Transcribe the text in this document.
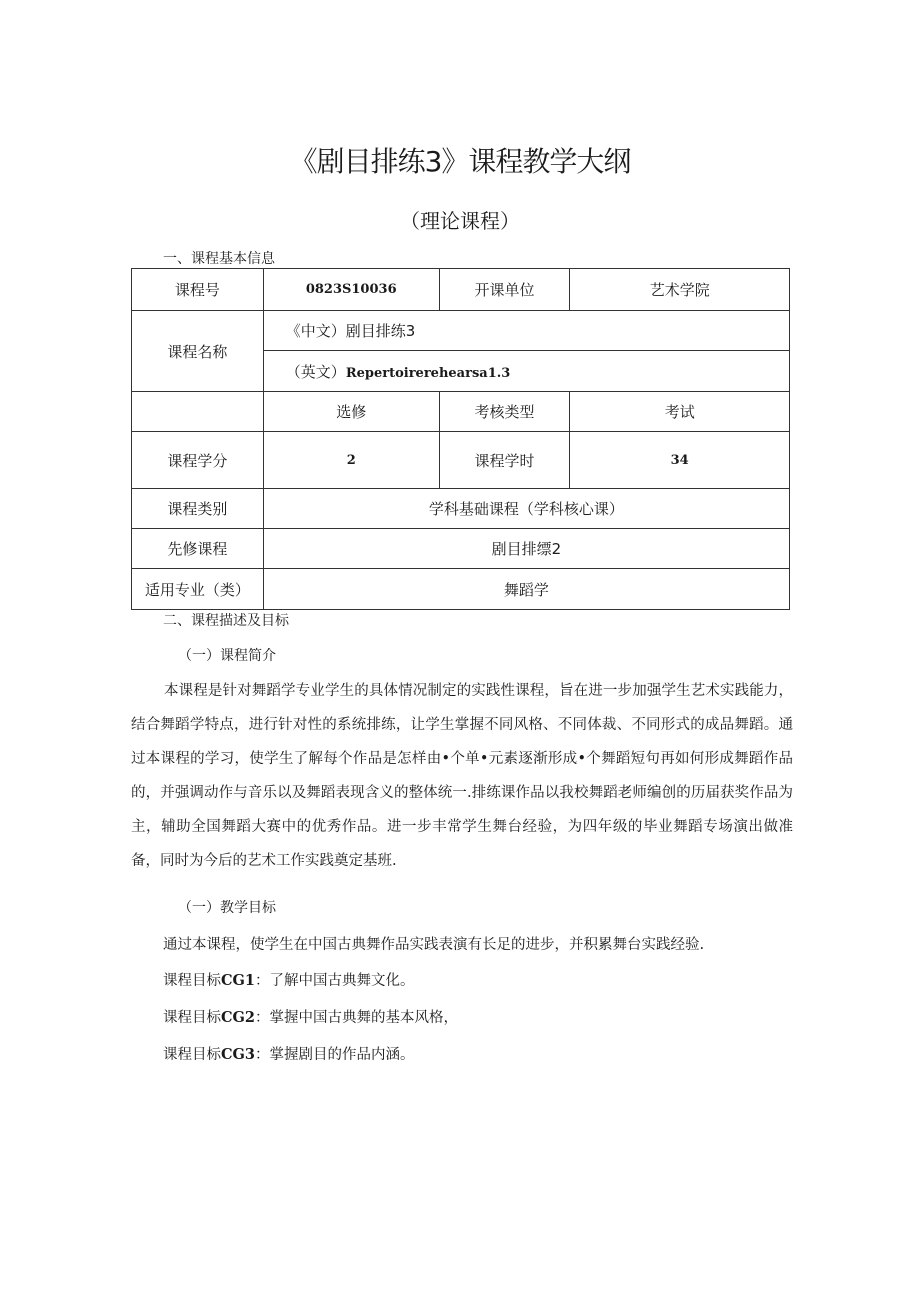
《剧目排练3》课程教学大纲
（理论课程）

一、课程基本信息

课程号	0823S10036	开课单位	艺术学院
课程名称	《中文）剧目排练3		
	（英文）Repertoirerehearsa1.3		
	选修	考核类型	考试
课程学分	2	课程学时	34
课程类别	学科基础课程（学科核心课）		
先修课程	剧目排缥2		
适用专业（类）	舞蹈学		

二、课程描述及目标

（一）课程简介

本课程是针对舞蹈学专业学生的具体情况制定的实践性课程，旨在进一步加强学生艺术实践能力，结合舞蹈学特点，进行针对性的系统排练，让学生掌握不同风格、不同体裁、不同形式的成品舞蹈。通过本课程的学习，使学生了解每个作品是怎样由•个单•元素逐渐形成•个舞蹈短句再如何形成舞蹈作品的，并强调动作与音乐以及舞蹈表现含义的整体统一.排练课作品以我校舞蹈老师编创的历届获奖作品为主，辅助全国舞蹈大赛中的优秀作品。进一步丰常学生舞台经验，为四年级的毕业舞蹈专场演出做准备，同时为今后的艺术工作实践奠定基班.

（一）教学目标

通过本课程，使学生在中国古典舞作品实践表演有长足的进步，并积累舞台实践经验.

课程目标CG1：了解中国古典舞文化。

课程目标CG2：掌握中国古典舞的基本风格，

课程目标CG3：掌握剧目的作品内涵。
